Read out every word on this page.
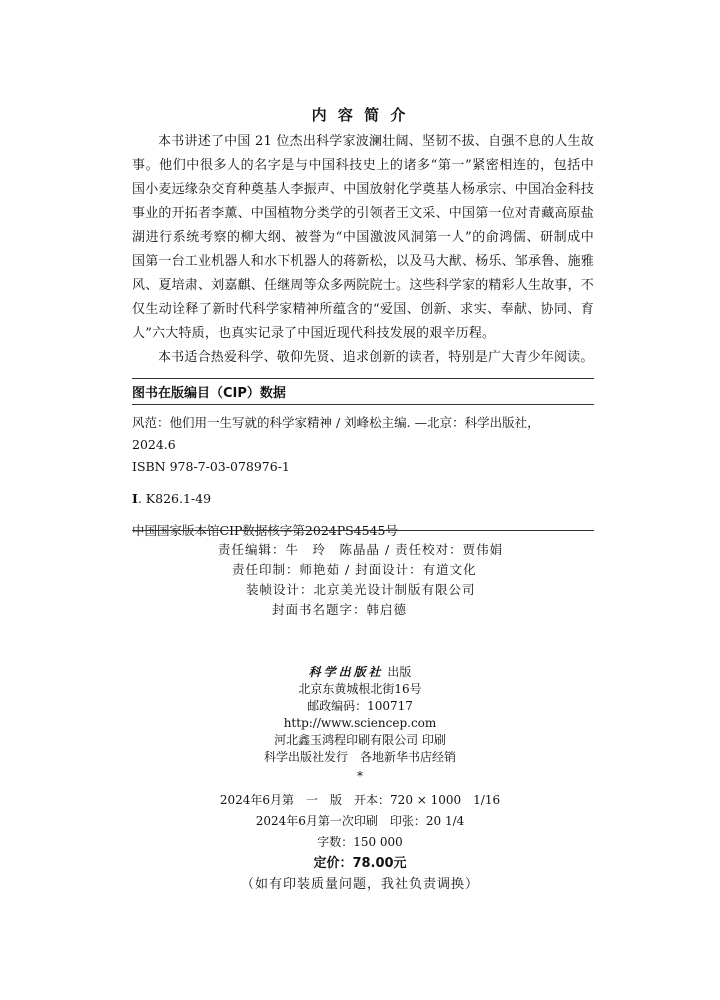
内 容 简 介

本书讲述了中国 21 位杰出科学家波澜壮阔、坚韧不拔、自强不息的人生故事。他们中很多人的名字是与中国科技史上的诸多“第一”紧密相连的，包括中国小麦远缘杂交育种奠基人李振声、中国放射化学奠基人杨承宗、中国冶金科技事业的开拓者李薰、中国植物分类学的引领者王文采、中国第一位对青藏高原盐湖进行系统考察的柳大纲、被誉为“中国激波风洞第一人”的俞鸿儒、研制成中国第一台工业机器人和水下机器人的蒋新松，以及马大猷、杨乐、邹承鲁、施雅风、夏培肃、刘嘉麒、任继周等众多两院院士。这些科学家的精彩人生故事，不仅生动诠释了新时代科学家精神所蕴含的“爱国、创新、求实、奉献、协同、育人”六大特质，也真实记录了中国近现代科技发展的艰辛历程。

本书适合热爱科学、敬仰先贤、追求创新的读者，特别是广大青少年阅读。

图书在版编目（CIP）数据
风范：他们用一生写就的科学家精神 / 刘峰松主编. —北京：科学出版社，
2024.6
ISBN 978-7-03-078976-1
Ⅰ. K826.1-49
中国国家版本馆CIP数据核字第2024PS4545号
责任编辑：牛　玲　陈晶晶 / 责任校对：贾伟娟
责任印制：师艳茹 / 封面设计：有道文化
装帧设计：北京美光设计制版有限公司
封面书名题字：韩启德
科学出版社 出版
北京东黄城根北街16号
邮政编码：100717
http://www.sciencep.com
河北鑫玉鸿程印刷有限公司 印刷
科学出版社发行　各地新华书店经销
*
2024年6月第　一　版　开本：720 × 1000　1/16
2024年6月第一次印刷　印张：20 1/4
字数：150 000
定价：78.00元
（如有印装质量问题，我社负责调换）
